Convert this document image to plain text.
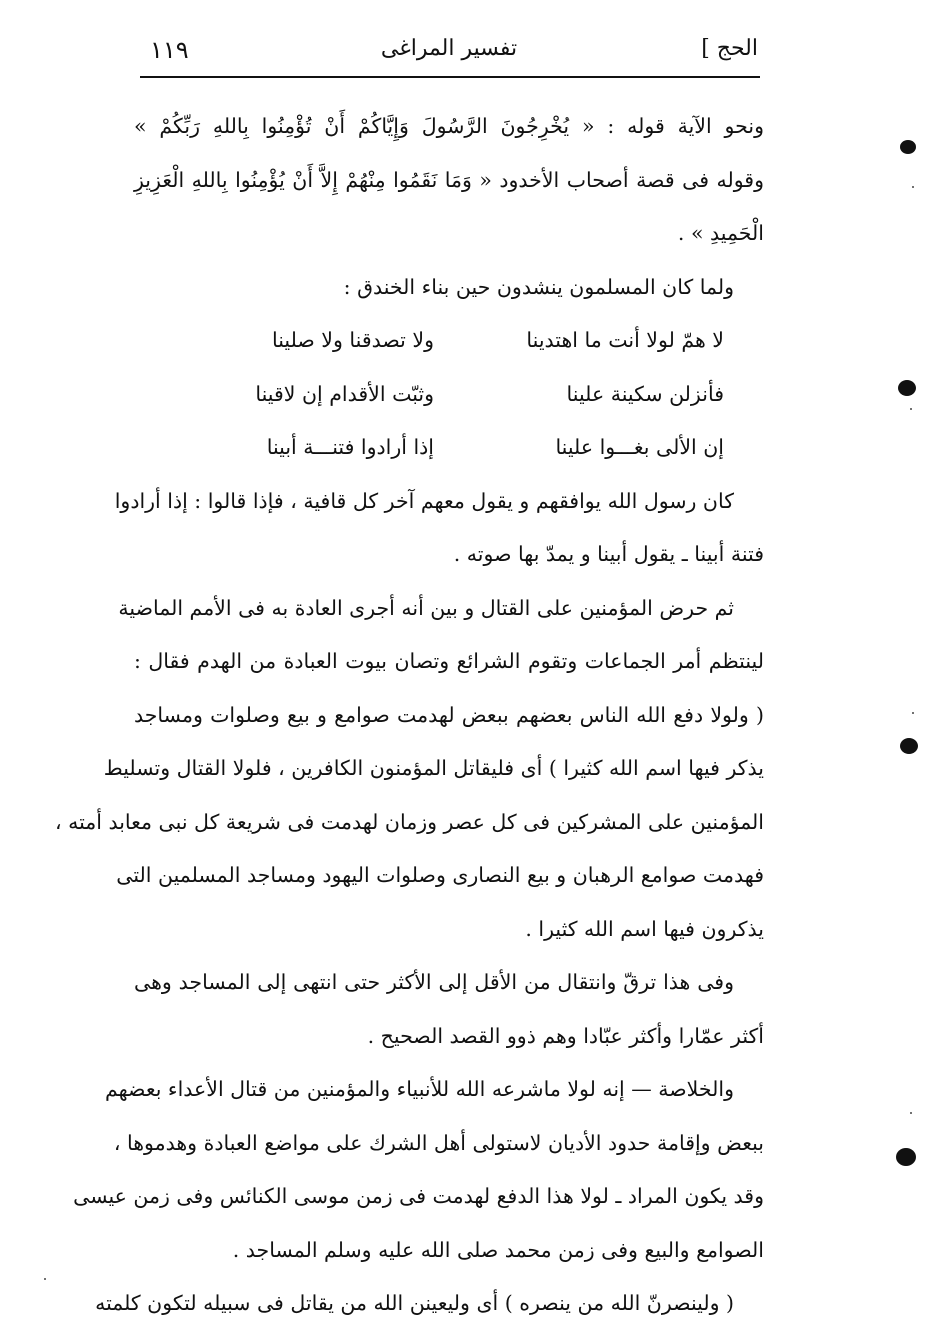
١١٩	تفسير المراغى	الحج ]
ونحو الآية قوله : « يُخْرِجُونَ الرَّسُولَ وَإِيَّاكُمْ أَنْ تُؤْمِنُوا بِاللهِ رَبِّكُمْ »
وقوله فى قصة أصحاب الأخدود « وَمَا نَقَمُوا مِنْهُمْ إِلاَّ أَنْ يُؤْمِنُوا بِاللهِ الْعَزِيزِ
الْحَمِيدِ » .
ولما كان المسلمون ينشدون حين بناء الخندق :
لا همّ لولا أنت ما اهتدينا
ولا تصدقنا ولا صلينا
فأنزلن سكينة علينا
وثبّت الأقدام إن لاقينا
إن الألى بغـــوا علينا
إذا أرادوا فتنـــة أبينا
كان رسول الله يوافقهم و يقول معهم آخر كل قافية ، فإذا قالوا : إذا أرادوا
فتنة أبينا ـ يقول أبينا و يمدّ بها صوته .
ثم حرض المؤمنين على القتال و بين أنه أجرى العادة به فى الأمم الماضية
لينتظم أمر الجماعات وتقوم الشرائع وتصان بيوت العبادة من الهدم فقال :
( ولولا دفع الله الناس بعضهم ببعض لهدمت صوامع و بيع وصلوات ومساجد
يذكر فيها اسم الله كثيرا ) أى فليقاتل المؤمنون الكافرين ، فلولا القتال وتسليط
المؤمنين على المشركين فى كل عصر وزمان لهدمت فى شريعة كل نبى معابد أمته ،
فهدمت صوامع الرهبان و بيع النصارى وصلوات اليهود ومساجد المسلمين التى
يذكرون فيها اسم الله كثيرا .
وفى هذا ترقّ وانتقال من الأقل إلى الأكثر حتى انتهى إلى المساجد وهى
أكثر عمّارا وأكثر عبّادا وهم ذوو القصد الصحيح .
والخلاصة — إنه لولا ماشرعه الله للأنبياء والمؤمنين من قتال الأعداء بعضهم
ببعض وإقامة حدود الأديان لاستولى أهل الشرك على مواضع العبادة وهدموها ،
وقد يكون المراد ـ لولا هذا الدفع لهدمت فى زمن موسى الكنائس وفى زمن عيسى
الصوامع والبيع وفى زمن محمد صلى الله عليه وسلم المساجد .
( ولينصرنّ الله من ينصره ) أى وليعينن الله من يقاتل فى سبيله لتكون كلمته
